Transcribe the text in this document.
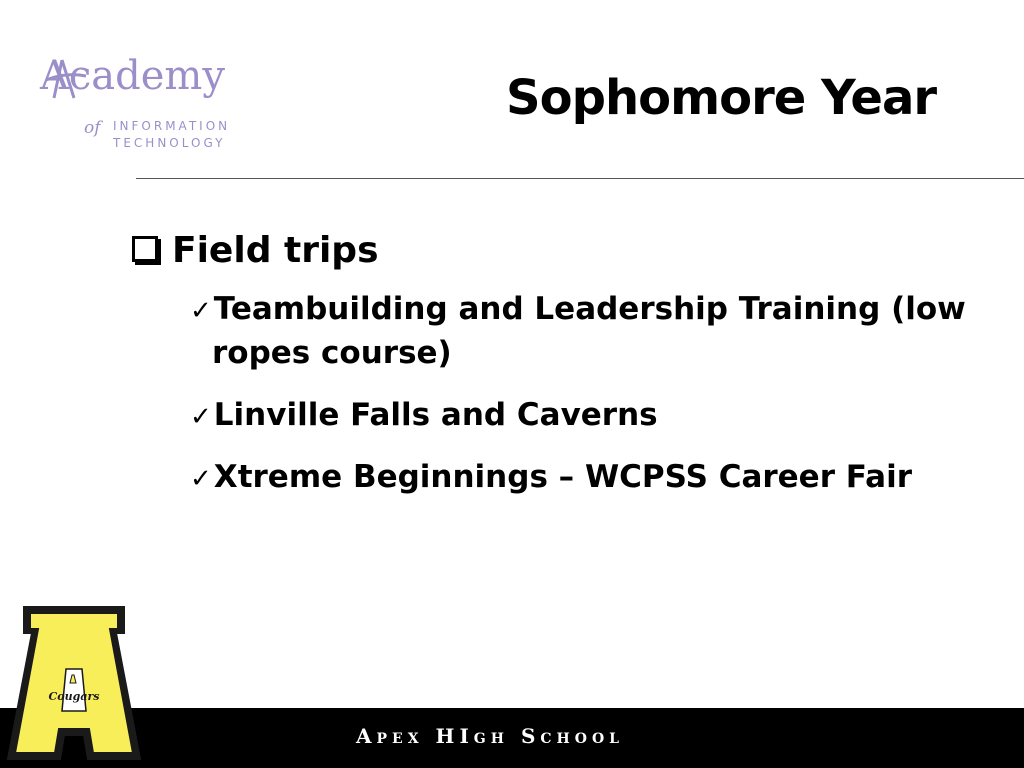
Academy
of INFORMATION
TECHNOLOGY
Sophomore Year
Field trips
✓Teambuilding and Leadership Training (low ropes course)
✓Linville Falls and Caverns
✓Xtreme Beginnings – WCPSS Career Fair
Apex HIgh School
Cougars
